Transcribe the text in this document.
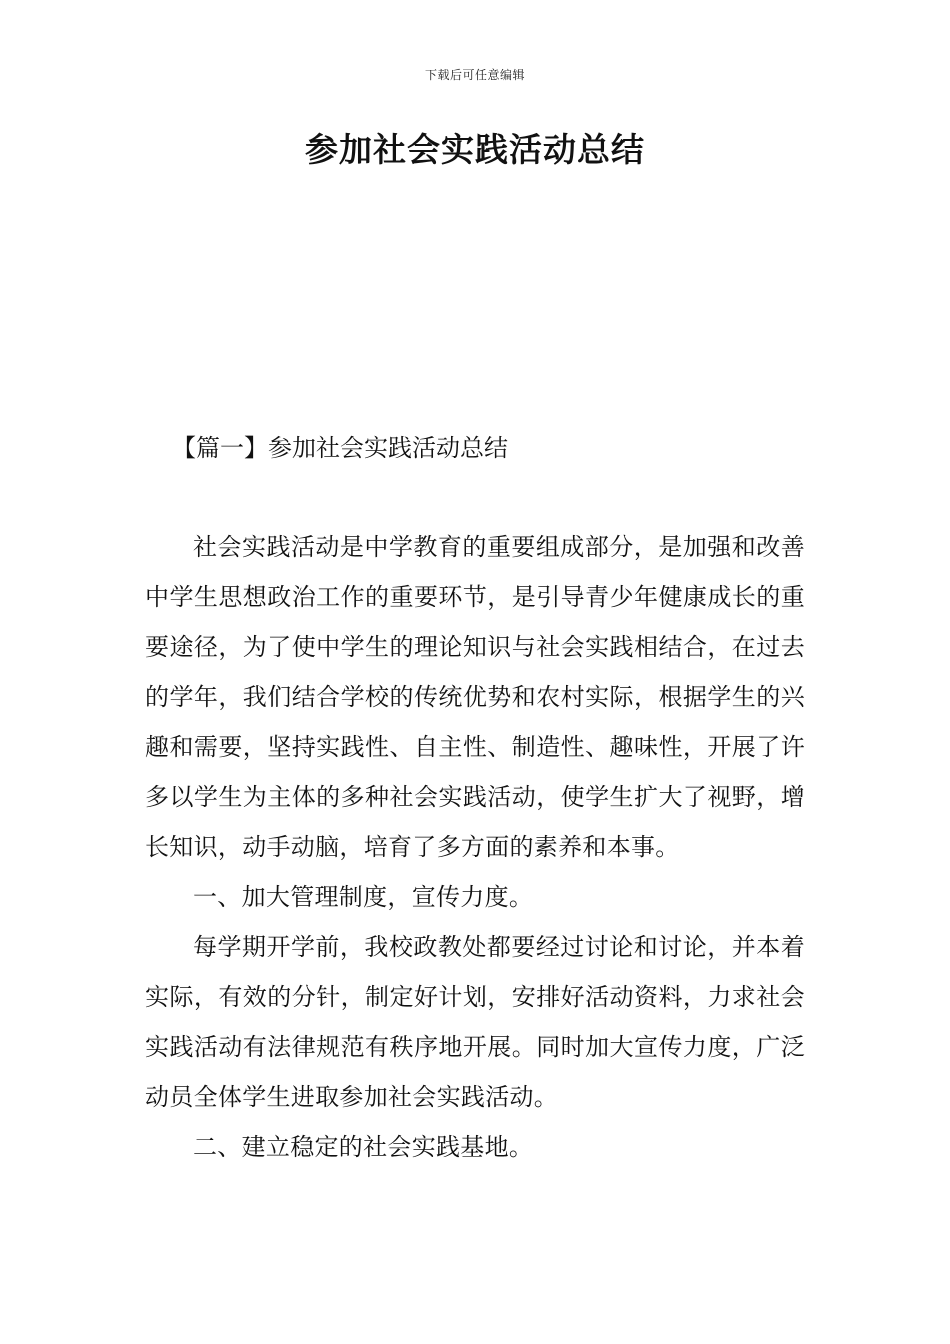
下载后可任意编辑
参加社会实践活动总结
【篇一】参加社会实践活动总结

社会实践活动是中学教育的重要组成部分，是加强和改善中学生思想政治工作的重要环节，是引导青少年健康成长的重要途径，为了使中学生的理论知识与社会实践相结合，在过去的学年，我们结合学校的传统优势和农村实际，根据学生的兴趣和需要，坚持实践性、自主性、制造性、趣味性，开展了许多以学生为主体的多种社会实践活动，使学生扩大了视野，增长知识，动手动脑，培育了多方面的素养和本事。

一、加大管理制度，宣传力度。

每学期开学前，我校政教处都要经过讨论和讨论，并本着实际，有效的分针，制定好计划，安排好活动资料，力求社会实践活动有法律规范有秩序地开展。同时加大宣传力度，广泛动员全体学生进取参加社会实践活动。

二、建立稳定的社会实践基地。
